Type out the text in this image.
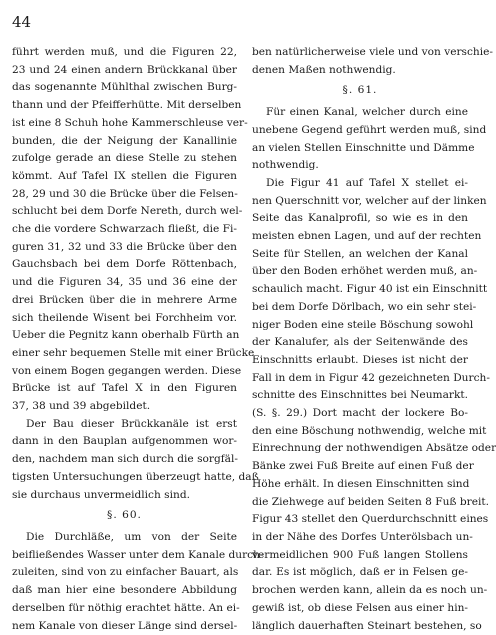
44
führt werden muß, und die Figuren 22,
23 und 24 einen andern Brückkanal über
das sogenannte Mühlthal zwischen Burg-
thann und der Pfeifferhütte. Mit derselben
ist eine 8 Schuh hohe Kammerschleuse ver-
bunden, die der Neigung der Kanallinie
zufolge gerade an diese Stelle zu stehen
kömmt. Auf Tafel IX stellen die Figuren
28, 29 und 30 die Brücke über die Felsen-
schlucht bei dem Dorfe Nereth, durch wel-
che die vordere Schwarzach fließt, die Fi-
guren 31, 32 und 33 die Brücke über den
Gauchsbach bei dem Dorfe Röttenbach,
und die Figuren 34, 35 und 36 eine der
drei Brücken über die in mehrere Arme
sich theilende Wisent bei Forchheim vor.
Ueber die Pegnitz kann oberhalb Fürth an
einer sehr bequemen Stelle mit einer Brücke
von einem Bogen gegangen werden. Diese
Brücke ist auf Tafel X in den Figuren
37, 38 und 39 abgebildet.
Der Bau dieser Brückkanäle ist erst
dann in den Bauplan aufgenommen wor-
den, nachdem man sich durch die sorgfäl-
tigsten Untersuchungen überzeugt hatte, daß
sie durchaus unvermeidlich sind.
§. 60.
Die Durchläße, um von der Seite
beifließendes Wasser unter dem Kanale durch-
zuleiten, sind von zu einfacher Bauart, als
daß man hier eine besondere Abbildung
derselben für nöthig erachtet hätte. An ei-
nem Kanale von dieser Länge sind dersel-
ben natürlicherweise viele und von verschie-
denen Maßen nothwendig.
§. 61.
Für einen Kanal, welcher durch eine
unebene Gegend geführt werden muß, sind
an vielen Stellen Einschnitte und Dämme
nothwendig.
Die Figur 41 auf Tafel X stellet ei-
nen Querschnitt vor, welcher auf der linken
Seite das Kanalprofil, so wie es in den
meisten ebnen Lagen, und auf der rechten
Seite für Stellen, an welchen der Kanal
über den Boden erhöhet werden muß, an-
schaulich macht. Figur 40 ist ein Einschnitt
bei dem Dorfe Dörlbach, wo ein sehr stei-
niger Boden eine steile Böschung sowohl
der Kanalufer, als der Seitenwände des
Einschnitts erlaubt. Dieses ist nicht der
Fall in dem in Figur 42 gezeichneten Durch-
schnitte des Einschnittes bei Neumarkt.
(S. §. 29.) Dort macht der lockere Bo-
den eine Böschung nothwendig, welche mit
Einrechnung der nothwendigen Absätze oder
Bänke zwei Fuß Breite auf einen Fuß der
Höhe erhält. In diesen Einschnitten sind
die Ziehwege auf beiden Seiten 8 Fuß breit.
Figur 43 stellet den Querdurchschnitt eines
in der Nähe des Dorfes Unterölsbach un-
vermeidlichen 900 Fuß langen Stollens
dar. Es ist möglich, daß er in Felsen ge-
brochen werden kann, allein da es noch un-
gewiß ist, ob diese Felsen aus einer hin-
länglich dauerhaften Steinart bestehen, so
